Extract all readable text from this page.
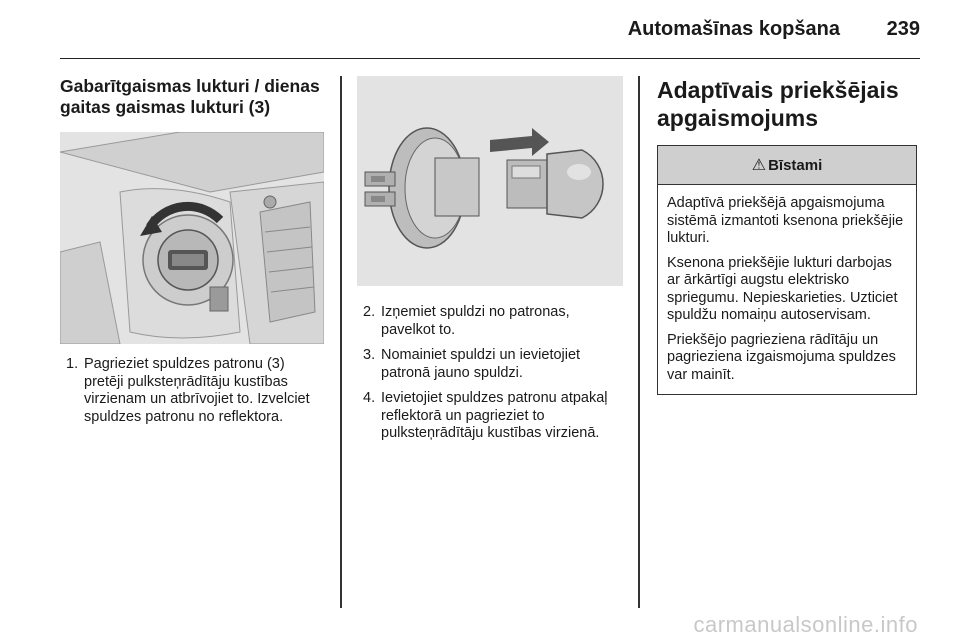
Automašīnas kopšana 239
Gabarītgaismas lukturi / dienas gaitas gaismas lukturi (3)
1. Pagrieziet spuldzes patronu (3) pretēji pulksteņrādītāju kustības virzienam un atbrīvojiet to. Izvelciet spuldzes patronu no reflektora.
2. Izņemiet spuldzi no patronas, pavelkot to.
3. Nomainiet spuldzi un ievietojiet patronā jauno spuldzi.
4. Ievietojiet spuldzes patronu atpakaļ reflektorā un pagrieziet to pulksteņrādītāju kustības virzienā.
Adaptīvais priekšējais apgaismojums
⚠ Bīstami

Adaptīvā priekšējā apgaismojuma sistēmā izmantoti ksenona priekšējie lukturi.

Ksenona priekšējie lukturi darbojas ar ārkārtīgi augstu elektrisko spriegumu. Nepieskarieties. Uzticiet spuldžu nomaiņu autoservisam.

Priekšējo pagrieziena rādītāju un pagrieziena izgaismojuma spuldzes var mainīt.

carmanualsonline.info
